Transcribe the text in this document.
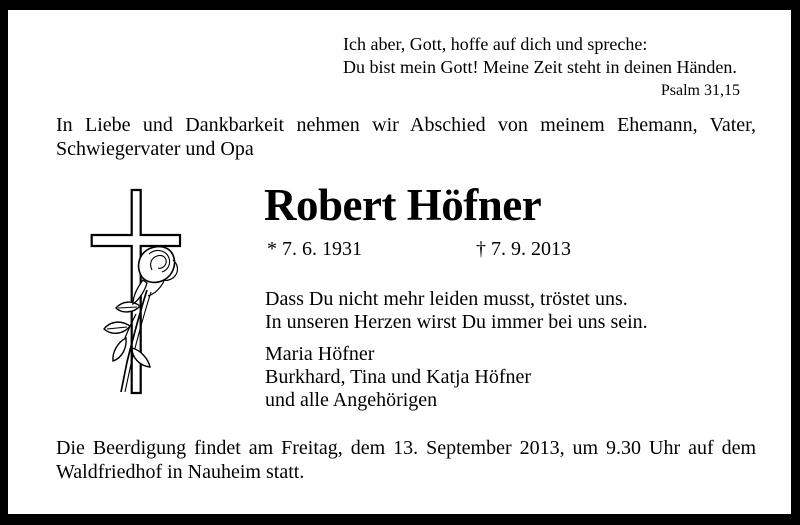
Ich aber, Gott, hoffe auf dich und spreche:
Du bist mein Gott! Meine Zeit steht in deinen Händen.
Psalm 31,15
In Liebe und Dankbarkeit nehmen wir Abschied von meinem Ehemann, Vater,
Schwiegervater und Opa
Robert Höfner
* 7. 6. 1931	† 7. 9. 2013
Dass Du nicht mehr leiden musst, tröstet uns.
In unseren Herzen wirst Du immer bei uns sein.
Maria Höfner
Burkhard, Tina und Katja Höfner
und alle Angehörigen
Die Beerdigung findet am Freitag, dem 13. September 2013, um 9.30 Uhr auf dem
Waldfriedhof in Nauheim statt.
